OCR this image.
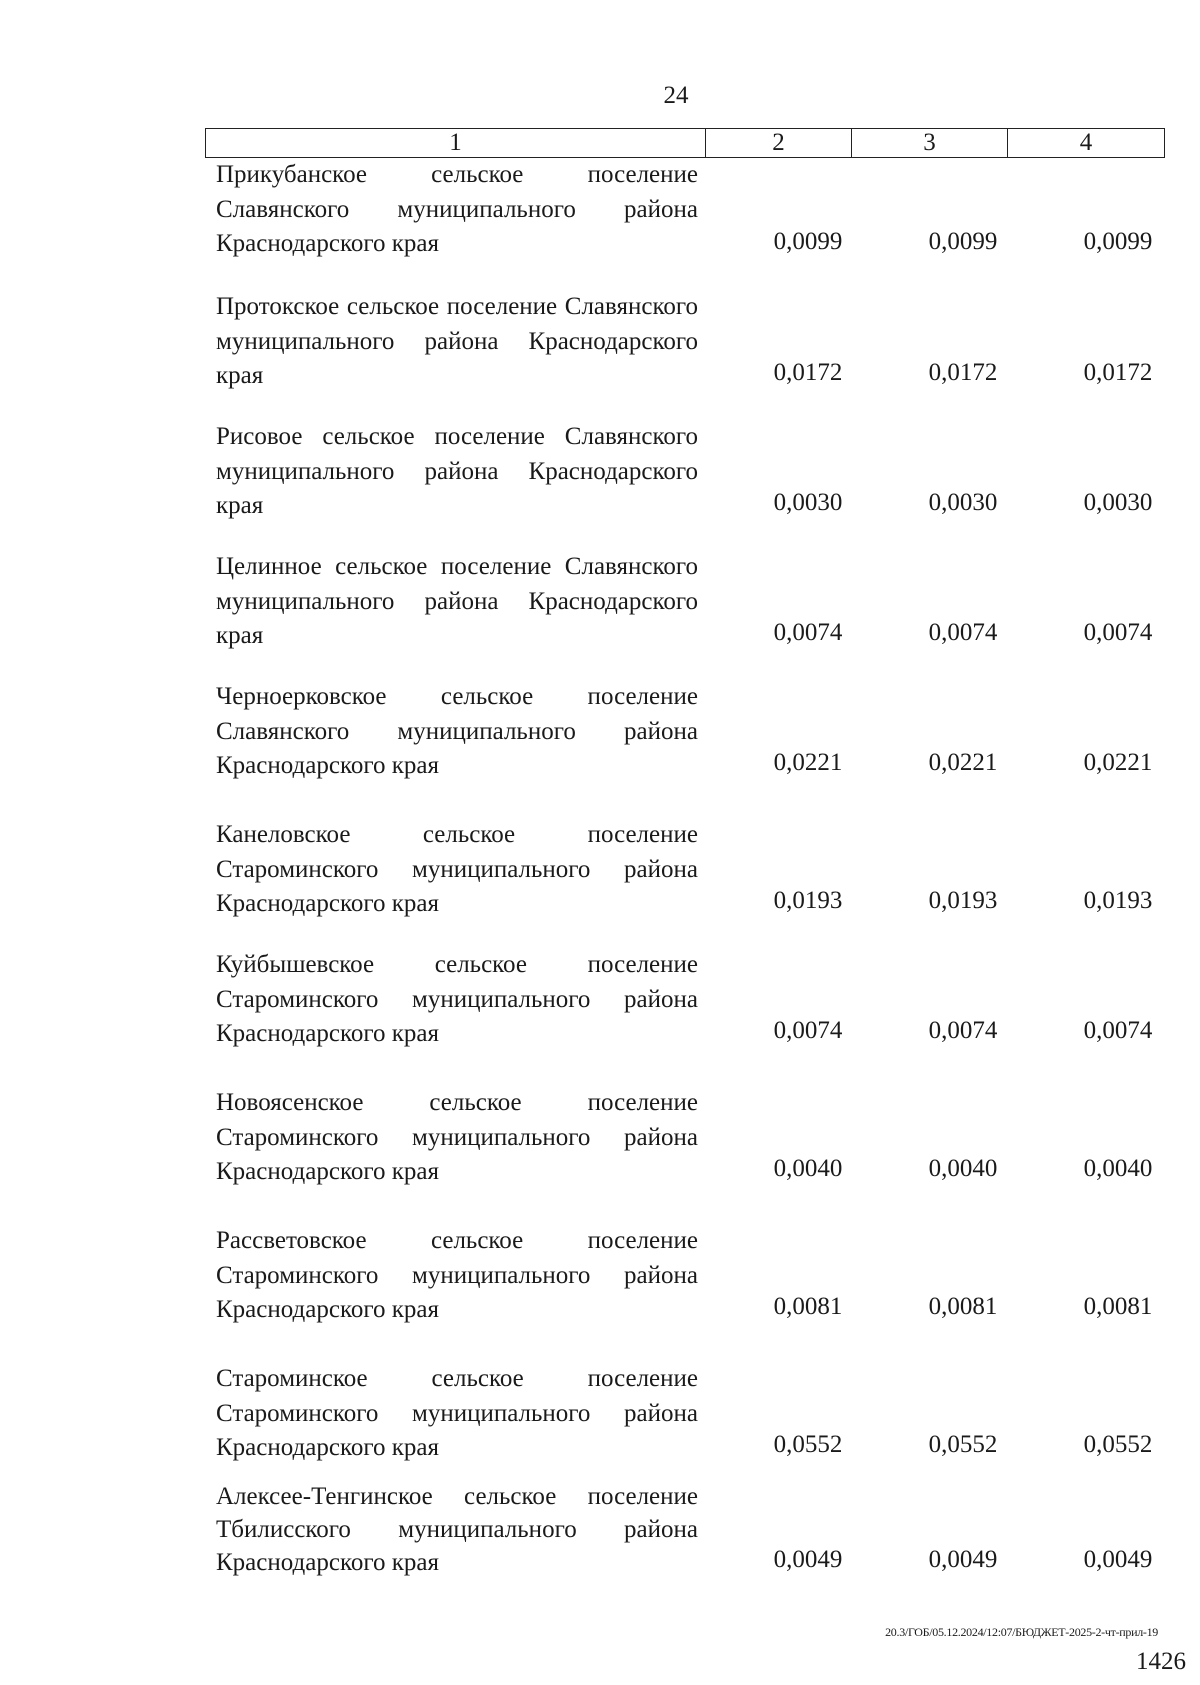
24
1	2	3	4
Прикубанское сельское поселение Славянского муниципального района Краснодарского края	0,0099	0,0099	0,0099
Протокское сельское поселение Славянского муниципального района Краснодарского края	0,0172	0,0172	0,0172
Рисовое сельское поселение Славянского муниципального района Краснодарского края	0,0030	0,0030	0,0030
Целинное сельское поселение Славянского муниципального района Краснодарского края	0,0074	0,0074	0,0074
Черноерковское сельское поселение Славянского муниципального района Краснодарского края	0,0221	0,0221	0,0221
Канеловское сельское поселение Староминского муниципального района Краснодарского края	0,0193	0,0193	0,0193
Куйбышевское сельское поселение Староминского муниципального района Краснодарского края	0,0074	0,0074	0,0074
Новоясенское сельское поселение Староминского муниципального района Краснодарского края	0,0040	0,0040	0,0040
Рассветовское сельское поселение Староминского муниципального района Краснодарского края	0,0081	0,0081	0,0081
Староминское сельское поселение Староминского муниципального района Краснодарского края	0,0552	0,0552	0,0552
Алексее-Тенгинское сельское поселение Тбилисского муниципального района Краснодарского края	0,0049	0,0049	0,0049
20.3/ГОБ/05.12.2024/12:07/БЮДЖЕТ-2025-2-чт-прил-19
1426
